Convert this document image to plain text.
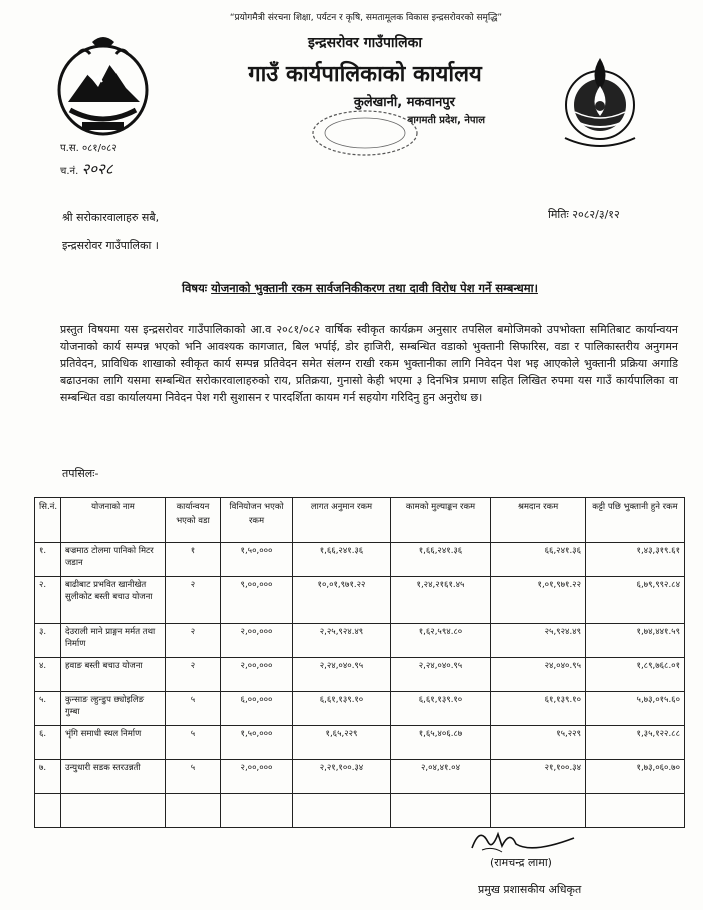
“प्रयोगमैत्री संरचना शिक्षा, पर्यटन र कृषि, समतामूलक विकास इन्द्रसरोवरको समृद्धि”
इन्द्रसरोवर गाउँपालिका
गाउँ कार्यपालिकाको कार्यालय
कुलेखानी, मकवानपुर
बागमती प्रदेश, नेपाल
प.स. ०८१/०८२
च.नं. २०२८
मितिः २०८२/३/१२
श्री सरोकारवालाहरु सबै,
इन्द्रसरोवर गाउँपालिका ।
विषयः योजनाको भुक्तानी रकम सार्वजनिकीकरण तथा दावी विरोध पेश गर्ने सम्बन्धमा।
प्रस्तुत विषयमा यस इन्द्रसरोवर गाउँपालिकाको आ.व २०८१/०८२ वार्षिक स्वीकृत कार्यक्रम अनुसार तपसिल बमोजिमको उपभोक्ता समितिबाट कार्यान्वयन योजनाको कार्य सम्पन्न भएको भनि आवश्यक कागजात, बिल भर्पाई, डोर हाजिरी, सम्बन्धित वडाको भुक्तानी सिफारिस, वडा र पालिकास्तरीय अनुगमन प्रतिवेदन, प्राविधिक शाखाको स्वीकृत कार्य सम्पन्न प्रतिवेदन समेत संलग्न राखी रकम भुक्तानीका लागि निवेदन पेश भइ आएकोले भुक्तानी प्रक्रिया अगाडि बढाउनका लागि यसमा सम्बन्धित सरोकारवालाहरुको राय, प्रतिक्रया, गुनासो केही भएमा ३ दिनभित्र प्रमाण सहित लिखित रुपमा यस गाउँ कार्यपालिका वा सम्बन्धित वडा कार्यालयमा निवेदन पेश गरी सुशासन र पारदर्शिता कायम गर्न सहयोग गरिदिनु हुन अनुरोध छ।
तपसिलः-
सि.नं.	योजनाको नाम	कार्यान्वयन भएको वडा	विनियोजन भएको रकम	लागत अनुमान रकम	कामको मुल्याङ्कन रकम	श्रमदान रकम	कट्टी पछि भुक्तानी हुने रकम
१.	बज्रमाठ टोलमा पानिको मिटर जडान	१	१,५०,०००	१,६६,२४१.३६	१,६६,२४१.३६	६६,२४१.३६	१,४३,३१९.६१
२.	बाढीबाट प्रभवित खानीखेत सुलीकोट बस्ती बचाउ योजना	२	९,००,०००	१०,०१,९७१.२२	१,२४,२१६१.४५	१,०१,९७१.२२	६,७९,९९२.८४
३.	देउराली माने प्राङ्गन मर्मत तथा निर्माण	२	२,००,०००	२,२५,९२४.४९	१,६२,५९४.८०	२५,९२४.४९	१,७४,४४१.५९
४.	हवाङ बस्ती बचाउ योजना	२	२,००,०००	२,२४,०४०.९५	२,२४,०४०.९५	२४,०४०.९५	१,८९,७६८.०१
५.	कुन्साङ ल्हुन्डुप छ्योइलिङ गुम्बा	५	६,००,०००	६,६१,१३९.१०	६,६१,१३९.१०	६१,१३९.१०	५,७३,०१५.६०
६.	भृंगि समाधी स्थल निर्माण	५	१,५०,०००	१,६५,२२९	१,६५,४०६.८७	१५,२२९	१,३५,१२२.८८
७.	उन्युधारी सडक स्तरउन्नती	५	२,००,०००	२,२१,१००.३४	२,०४,४१.०४	२१,१००.३४	१,७३,०६०.७०

(रामचन्द्र लामा)
प्रमुख प्रशासकीय अधिकृत
